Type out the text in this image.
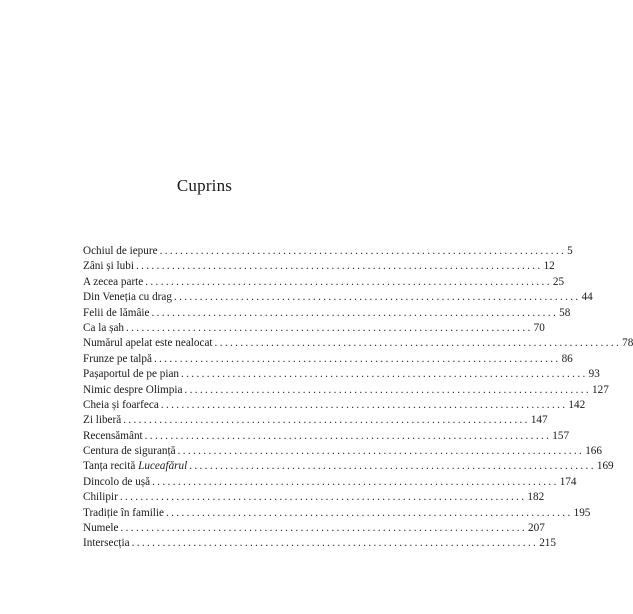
Cuprins
Ochiul de iepure ............................................................................... 5
Zâni și lubi ............................................................................... 12
A zecea parte ............................................................................... 25
Din Veneția cu drag ............................................................................... 44
Felii de lămâie ............................................................................... 58
Ca la șah ............................................................................... 70
Numărul apelat este nealocat ............................................................................... 78
Frunze pe talpă ............................................................................... 86
Pașaportul de pe pian ............................................................................... 93
Nimic despre Olimpia ............................................................................... 127
Cheia și foarfeca ............................................................................... 142
Zi liberă ............................................................................... 147
Recensământ ............................................................................... 157
Centura de siguranță ............................................................................... 166
Tanța recită Luceafărul ............................................................................... 169
Dincolo de ușă ............................................................................... 174
Chilipir ............................................................................... 182
Tradiție în familie ............................................................................... 195
Numele ............................................................................... 207
Intersecția ............................................................................... 215
